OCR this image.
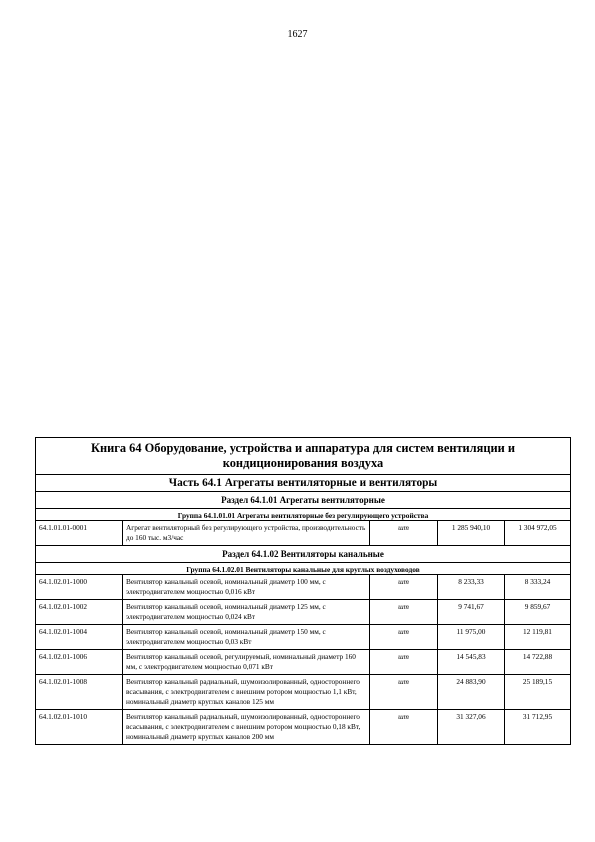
1627
Книга 64 Оборудование, устройства и аппаратура для систем вентиляции и кондиционирования воздуха				
Часть 64.1 Агрегаты вентиляторные и вентиляторы				
Раздел 64.1.01 Агрегаты вентиляторные				
Группа 64.1.01.01 Агрегаты вентиляторные без регулирующего устройства				
64.1.01.01-0001	Агрегат вентиляторный без регулирующего устройства, производительность до 160 тыс. м3/час	шт	1 285 940,10	1 304 972,05
Раздел 64.1.02 Вентиляторы канальные				
Группа 64.1.02.01 Вентиляторы канальные для круглых воздуховодов				
64.1.02.01-1000	Вентилятор канальный осевой, номинальный диаметр 100 мм, с электродвигателем мощностью 0,016 кВт	шт	8 233,33	8 333,24
64.1.02.01-1002	Вентилятор канальный осевой, номинальный диаметр 125 мм, с электродвигателем мощностью 0,024 кВт	шт	9 741,67	9 859,67
64.1.02.01-1004	Вентилятор канальный осевой, номинальный диаметр 150 мм, с электродвигателем мощностью 0,03 кВт	шт	11 975,00	12 119,81
64.1.02.01-1006	Вентилятор канальный осевой, регулируемый, номинальный диаметр 160 мм, с электродвигателем мощностью 0,071 кВт	шт	14 545,83	14 722,88
64.1.02.01-1008	Вентилятор канальный радиальный, шумоизолированный, одностороннего всасывания, с электродвигателем с внешним ротором мощностью 1,1 кВт, номинальный диаметр круглых каналов 125 мм	шт	24 883,90	25 189,15
64.1.02.01-1010	Вентилятор канальный радиальный, шумоизолированный, одностороннего всасывания, с электродвигателем с внешним ротором мощностью 0,18 кВт, номинальный диаметр круглых каналов 200 мм	шт	31 327,06	31 712,95
